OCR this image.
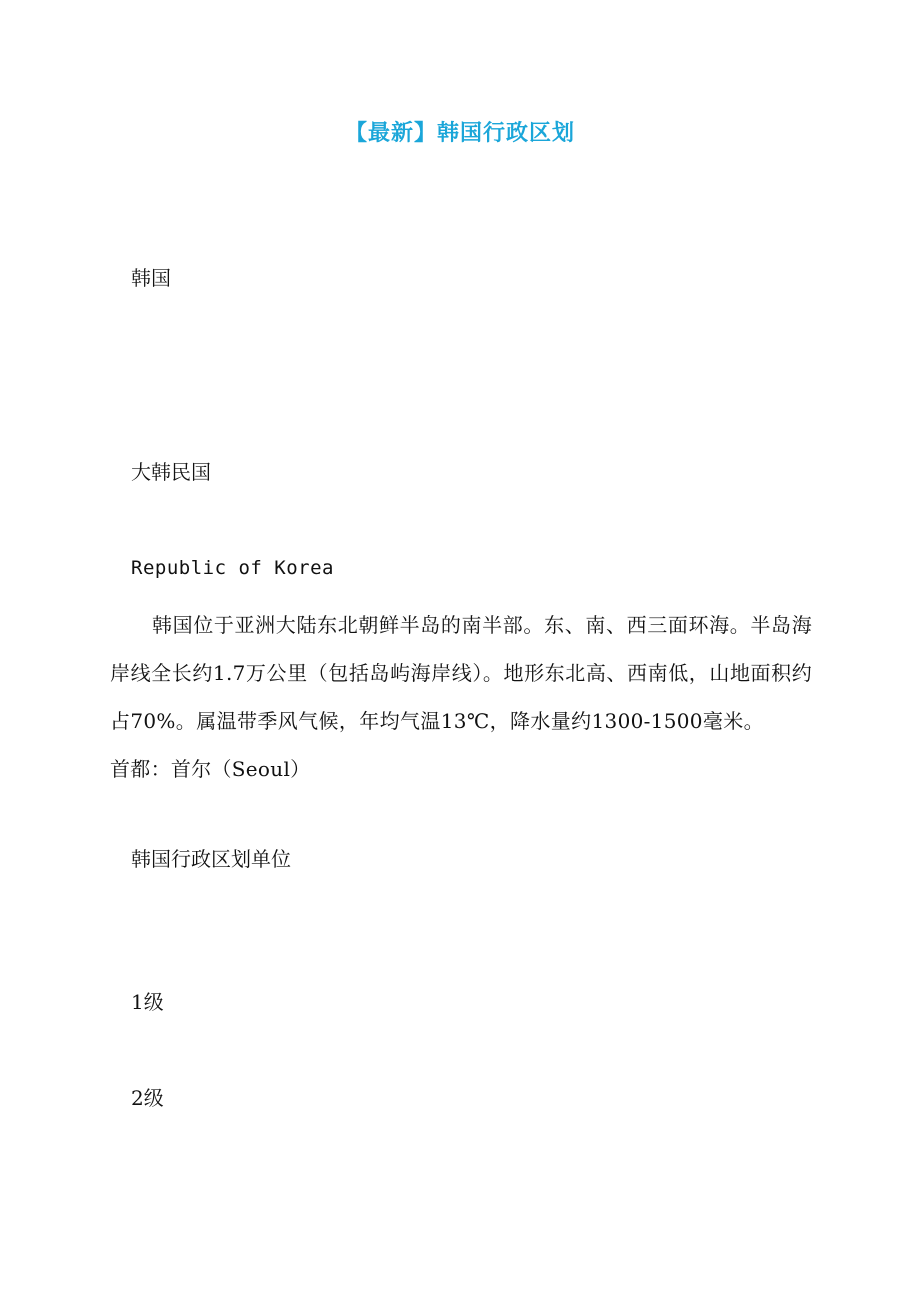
【最新】韩国行政区划
韩国
大韩民国
Republic of Korea
韩国位于亚洲大陆东北朝鲜半岛的南半部。东、南、西三面环海。半岛海岸线全长约1.7万公里（包括岛屿海岸线）。地形东北高、西南低，山地面积约占70%。属温带季风气候，年均气温13℃，降水量约1300-1500毫米。首都：首尔（Seoul）
韩国行政区划单位
1级
2级
